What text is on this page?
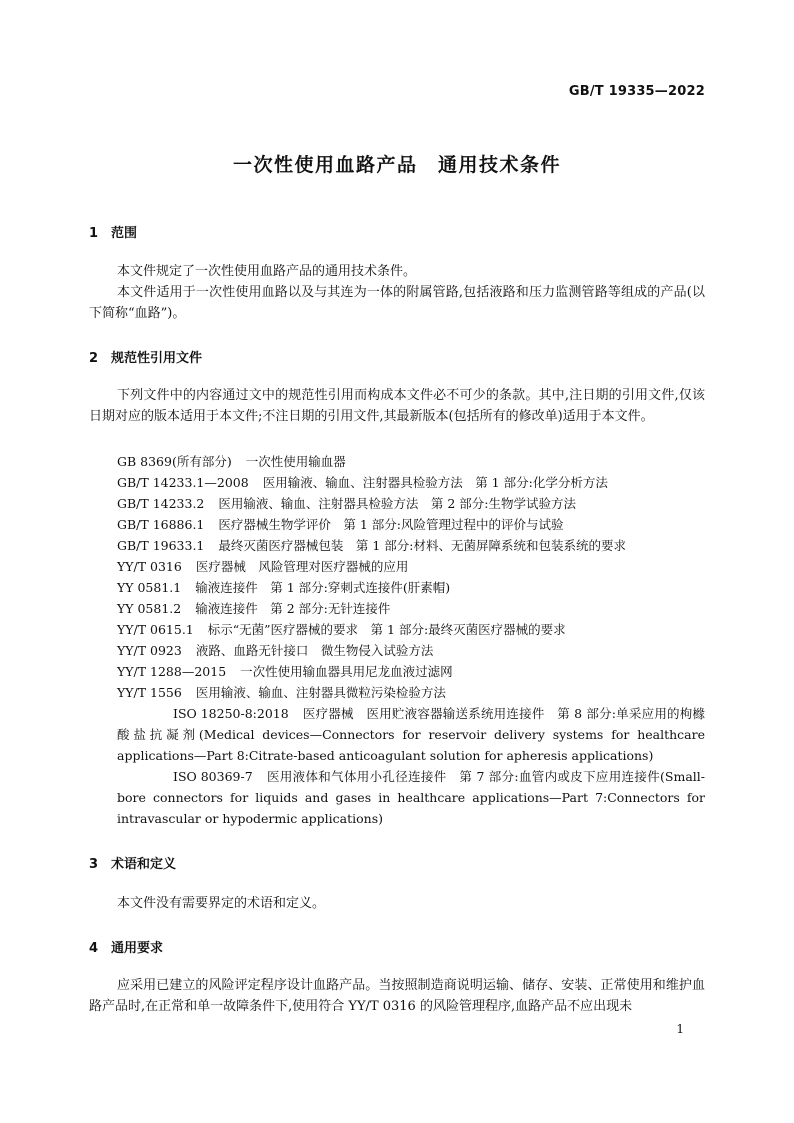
GB/T 19335—2022
一次性使用血路产品　通用技术条件
1 范围

本文件规定了一次性使用血路产品的通用技术条件。

本文件适用于一次性使用血路以及与其连为一体的附属管路,包括液路和压力监测管路等组成的产品(以下简称“血路”)。

2 规范性引用文件

下列文件中的内容通过文中的规范性引用而构成本文件必不可少的条款。其中,注日期的引用文件,仅该日期对应的版本适用于本文件;不注日期的引用文件,其最新版本(包括所有的修改单)适用于本文件。

GB 8369(所有部分) 一次性使用输血器
GB/T 14233.1—2008 医用输液、输血、注射器具检验方法　第 1 部分:化学分析方法
GB/T 14233.2 医用输液、输血、注射器具检验方法　第 2 部分:生物学试验方法
GB/T 16886.1 医疗器械生物学评价　第 1 部分:风险管理过程中的评价与试验
GB/T 19633.1 最终灭菌医疗器械包装　第 1 部分:材料、无菌屏障系统和包装系统的要求
YY/T 0316 医疗器械　风险管理对医疗器械的应用
YY 0581.1 输液连接件　第 1 部分:穿刺式连接件(肝素帽)
YY 0581.2 输液连接件　第 2 部分:无针连接件
YY/T 0615.1 标示“无菌”医疗器械的要求　第 1 部分:最终灭菌医疗器械的要求
YY/T 0923 液路、血路无针接口　微生物侵入试验方法
YY/T 1288—2015 一次性使用输血器具用尼龙血液过滤网
YY/T 1556 医用输液、输血、注射器具微粒污染检验方法
ISO 18250-8:2018 医疗器械　医用贮液容器输送系统用连接件　第 8 部分:单采应用的枸橼酸盐抗凝剂(Medical devices—Connectors for reservoir delivery systems for healthcare applications—Part 8:Citrate-based anticoagulant solution for apheresis applications)
ISO 80369-7 医用液体和气体用小孔径连接件　第 7 部分:血管内或皮下应用连接件(Small-bore connectors for liquids and gases in healthcare applications—Part 7:Connectors for intravascular or hypodermic applications)
3 术语和定义

本文件没有需要界定的术语和定义。

4 通用要求

应采用已建立的风险评定程序设计血路产品。当按照制造商说明运输、储存、安装、正常使用和维护血路产品时,在正常和单一故障条件下,使用符合 YY/T 0316 的风险管理程序,血路产品不应出现未

1
